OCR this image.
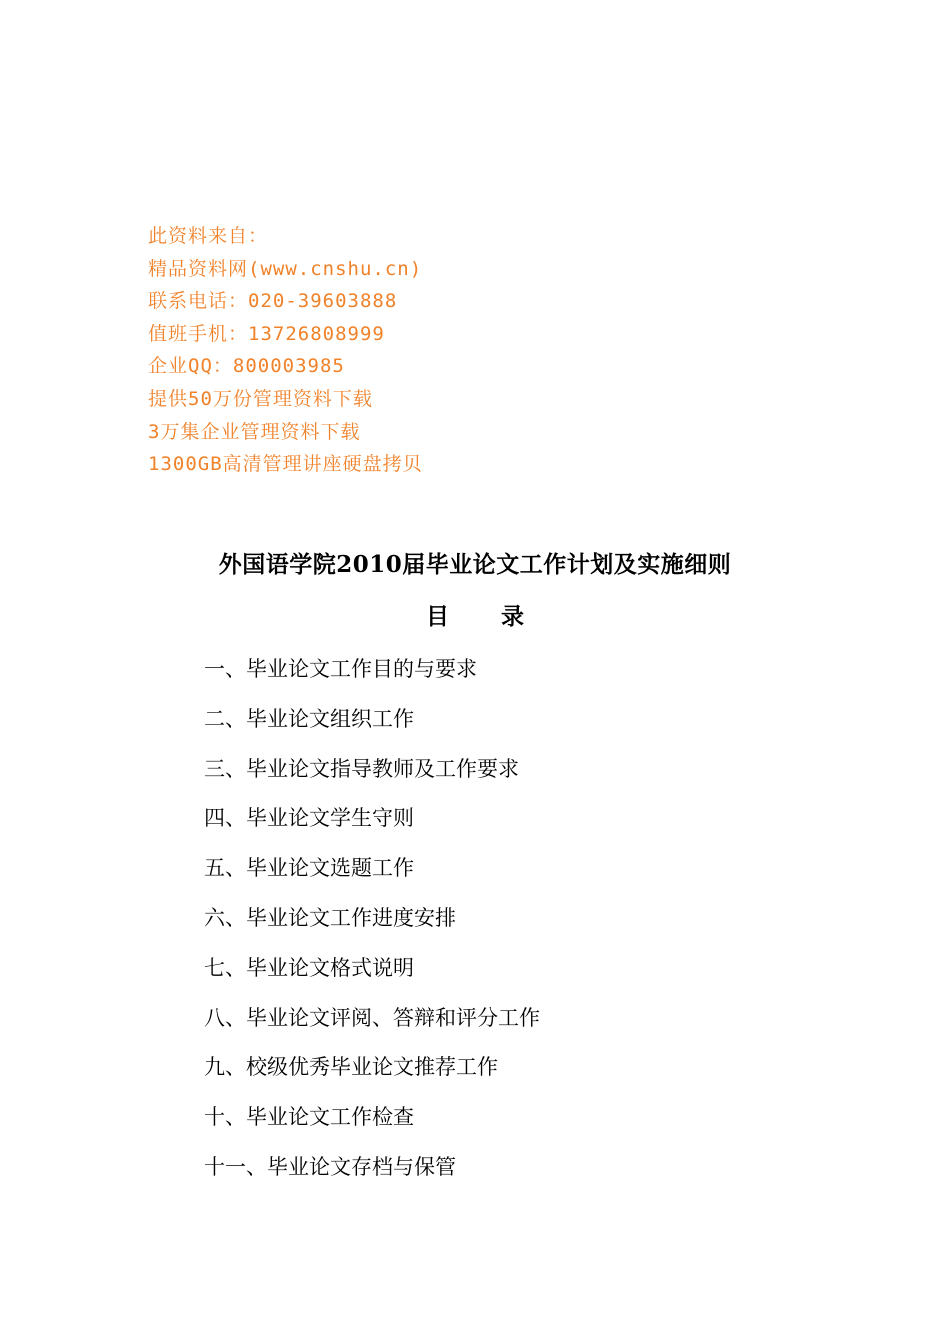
此资料来自：
精品资料网(www.cnshu.cn)
联系电话：020-39603888
值班手机：13726808999
企业QQ：800003985
提供50万份管理资料下载
3万集企业管理资料下载
1300GB高清管理讲座硬盘拷贝
外国语学院2010届毕业论文工作计划及实施细则
目 录
一、毕业论文工作目的与要求
二、毕业论文组织工作
三、毕业论文指导教师及工作要求
四、毕业论文学生守则
五、毕业论文选题工作
六、毕业论文工作进度安排
七、毕业论文格式说明
八、毕业论文评阅、答辩和评分工作
九、校级优秀毕业论文推荐工作
十、毕业论文工作检查
十一、毕业论文存档与保管
